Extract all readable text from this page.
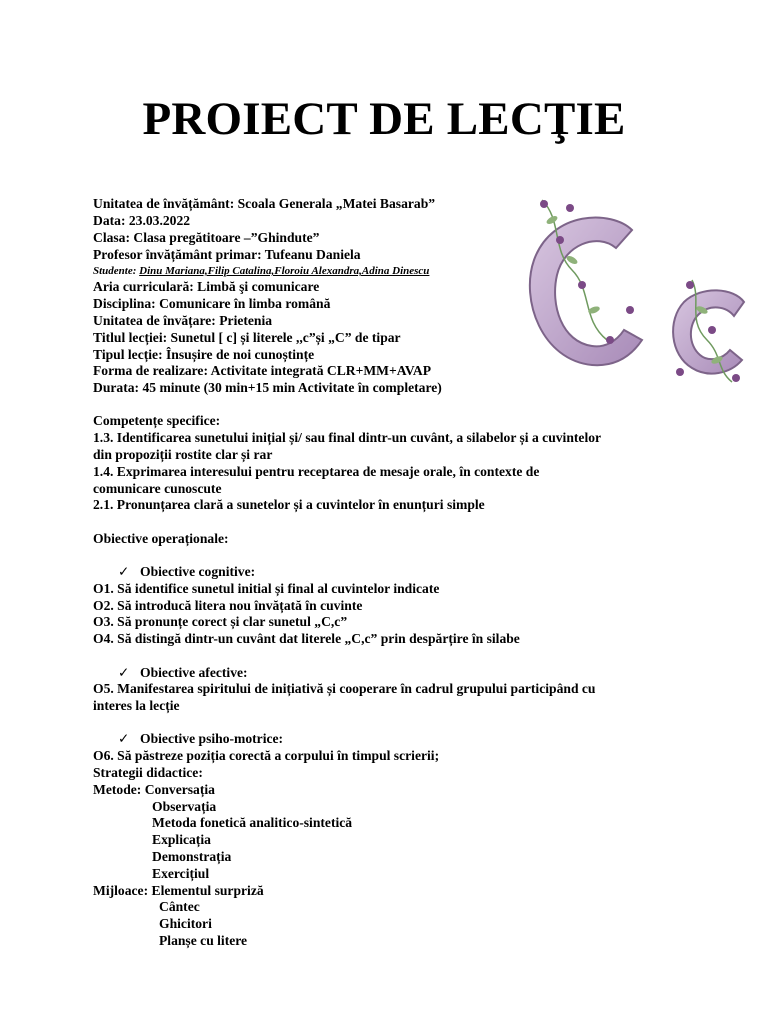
PROIECT DE LECŢIE
Unitatea de învățământ: Scoala Generala „Matei Basarab”
Data: 23.03.2022
Clasa: Clasa pregătitoare –”Ghindute”
Profesor învățământ primar: Tufeanu Daniela
Studente: Dinu Mariana,Filip Catalina,Floroiu Alexandra,Adina Dinescu
Aria curriculară: Limbă şi comunicare
Disciplina: Comunicare în limba română
Unitatea de învățare: Prietenia
Titlul lecției: Sunetul [ c] și literele ,,c”și „C” de tipar
Tipul lecție: Însușire de noi cunoștințe
Forma de realizare: Activitate integrată CLR+MM+AVAP
Durata: 45 minute (30 min+15 min Activitate în completare)
Competențe specifice:
1.3. Identificarea sunetului inițial și/ sau final dintr-un cuvânt, a silabelor și a cuvintelor
din propoziții rostite clar și rar
1.4. Exprimarea interesului pentru receptarea de mesaje orale, în contexte de
comunicare cunoscute
2.1. Pronunțarea clară a sunetelor și a cuvintelor în enunțuri simple
Obiective operaționale:
✓ Obiective cognitive:
O1. Să identifice sunetul initial și final al cuvintelor indicate
O2. Să introducă litera nou învățată în cuvinte
O3. Să pronunțe corect și clar sunetul „C,c”
O4. Să distingă dintr-un cuvânt dat literele „C,c” prin despărțire în silabe
✓ Obiective afective:
O5. Manifestarea spiritului de inițiativă și cooperare în cadrul grupului participând cu
interes la lecție
✓ Obiective psiho-motrice:
O6. Să păstreze poziția corectă a corpului în timpul scrierii;
Strategii didactice:
Metode: Conversația
Observația
Metoda fonetică analitico-sintetică
Explicația
Demonstrația
Exercițiul
Mijloace: Elementul surpriză
Cântec
Ghicitori
Planșe cu litere
